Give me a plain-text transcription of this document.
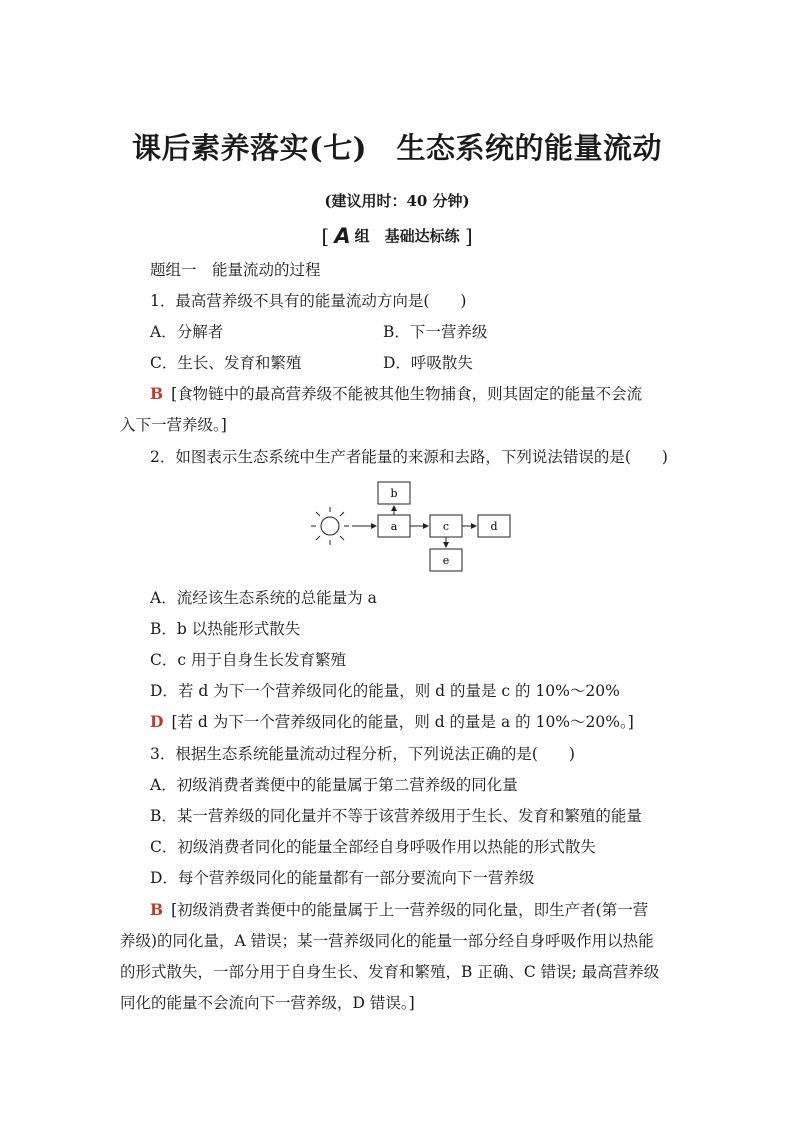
课后素养落实(七)　生态系统的能量流动
(建议用时：40 分钟)
[ A 组　基础达标练 ]
题组一　能量流动的过程
1．最高营养级不具有的能量流动方向是(　　)
A．分解者	B．下一营养级
C．生长、发育和繁殖	D．呼吸散失
B [食物链中的最高营养级不能被其他生物捕食，则其固定的能量不会流
入下一营养级。]
2．如图表示生态系统中生产者能量的来源和去路，下列说法错误的是(　　)
a
b
c	d
e
A．流经该生态系统的总能量为 a
B．b 以热能形式散失
C．c 用于自身生长发育繁殖
D．若 d 为下一个营养级同化的能量，则 d 的量是 c 的 10%～20%
D [若 d 为下一个营养级同化的能量，则 d 的量是 a 的 10%～20%。]
3．根据生态系统能量流动过程分析，下列说法正确的是(　　)
A．初级消费者粪便中的能量属于第二营养级的同化量
B．某一营养级的同化量并不等于该营养级用于生长、发育和繁殖的能量
C．初级消费者同化的能量全部经自身呼吸作用以热能的形式散失
D．每个营养级同化的能量都有一部分要流向下一营养级
B [初级消费者粪便中的能量属于上一营养级的同化量，即生产者(第一营
养级)的同化量，A 错误；某一营养级同化的能量一部分经自身呼吸作用以热能
的形式散失，一部分用于自身生长、发育和繁殖，B 正确、C 错误; 最高营养级
同化的能量不会流向下一营养级，D 错误。]
